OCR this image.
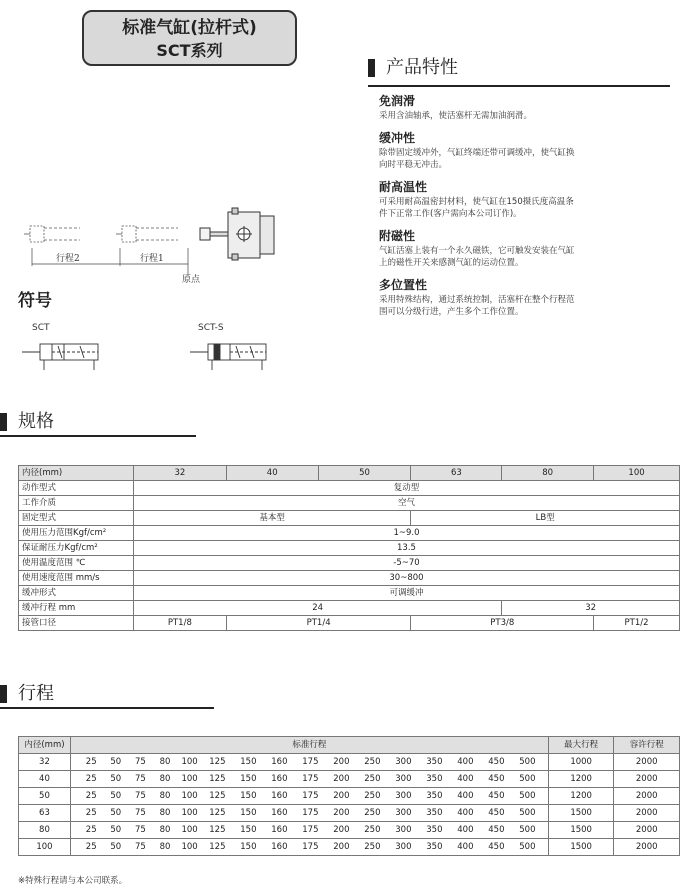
标准气缸(拉杆式)
SCT系列
产品特性
免润滑
采用含油轴承，使活塞杆无需加油润滑。
缓冲性
除带固定缓冲外，气缸终端还带可调缓冲，使气缸换向时平稳无冲击。
耐高温性
可采用耐高温密封材料，使气缸在150摄氏度高温条件下正常工作(客户需向本公司订作)。
附磁性
气缸活塞上装有一个永久磁铁，它可触发安装在气缸上的磁性开关来感测气缸的运动位置。
多位置性
采用特殊结构，通过系统控制，活塞杆在整个行程范围可以分级行进，产生多个工作位置。
行程2	行程1
原点
符号
SCT	SCT-S
规格
内径(mm)	32	40	50	63	80	100
动作型式	复动型					
工作介质	空气					
固定型式	基本型			LB型		
使用压力范围Kgf/cm²	1~9.0					
保证耐压力Kgf/cm²	13.5					
使用温度范围 ℃	-5~70					
使用速度范围 mm/s	30~800					
缓冲形式	可调缓冲					
缓冲行程 mm	24				32	
接管口径	PT1/8	PT1/4		PT3/8		PT1/2
行程
内径(mm)	标准行程	最大行程	容许行程
32	25 50 75 80 100 125 150 160 175 200 250 300 350 400 450 500	1000	2000
40	25 50 75 80 100 125 150 160 175 200 250 300 350 400 450 500	1200	2000
50	25 50 75 80 100 125 150 160 175 200 250 300 350 400 450 500	1200	2000
63	25 50 75 80 100 125 150 160 175 200 250 300 350 400 450 500	1500	2000
80	25 50 75 80 100 125 150 160 175 200 250 300 350 400 450 500	1500	2000
100	25 50 75 80 100 125 150 160 175 200 250 300 350 400 450 500	1500	2000
※特殊行程请与本公司联系。
